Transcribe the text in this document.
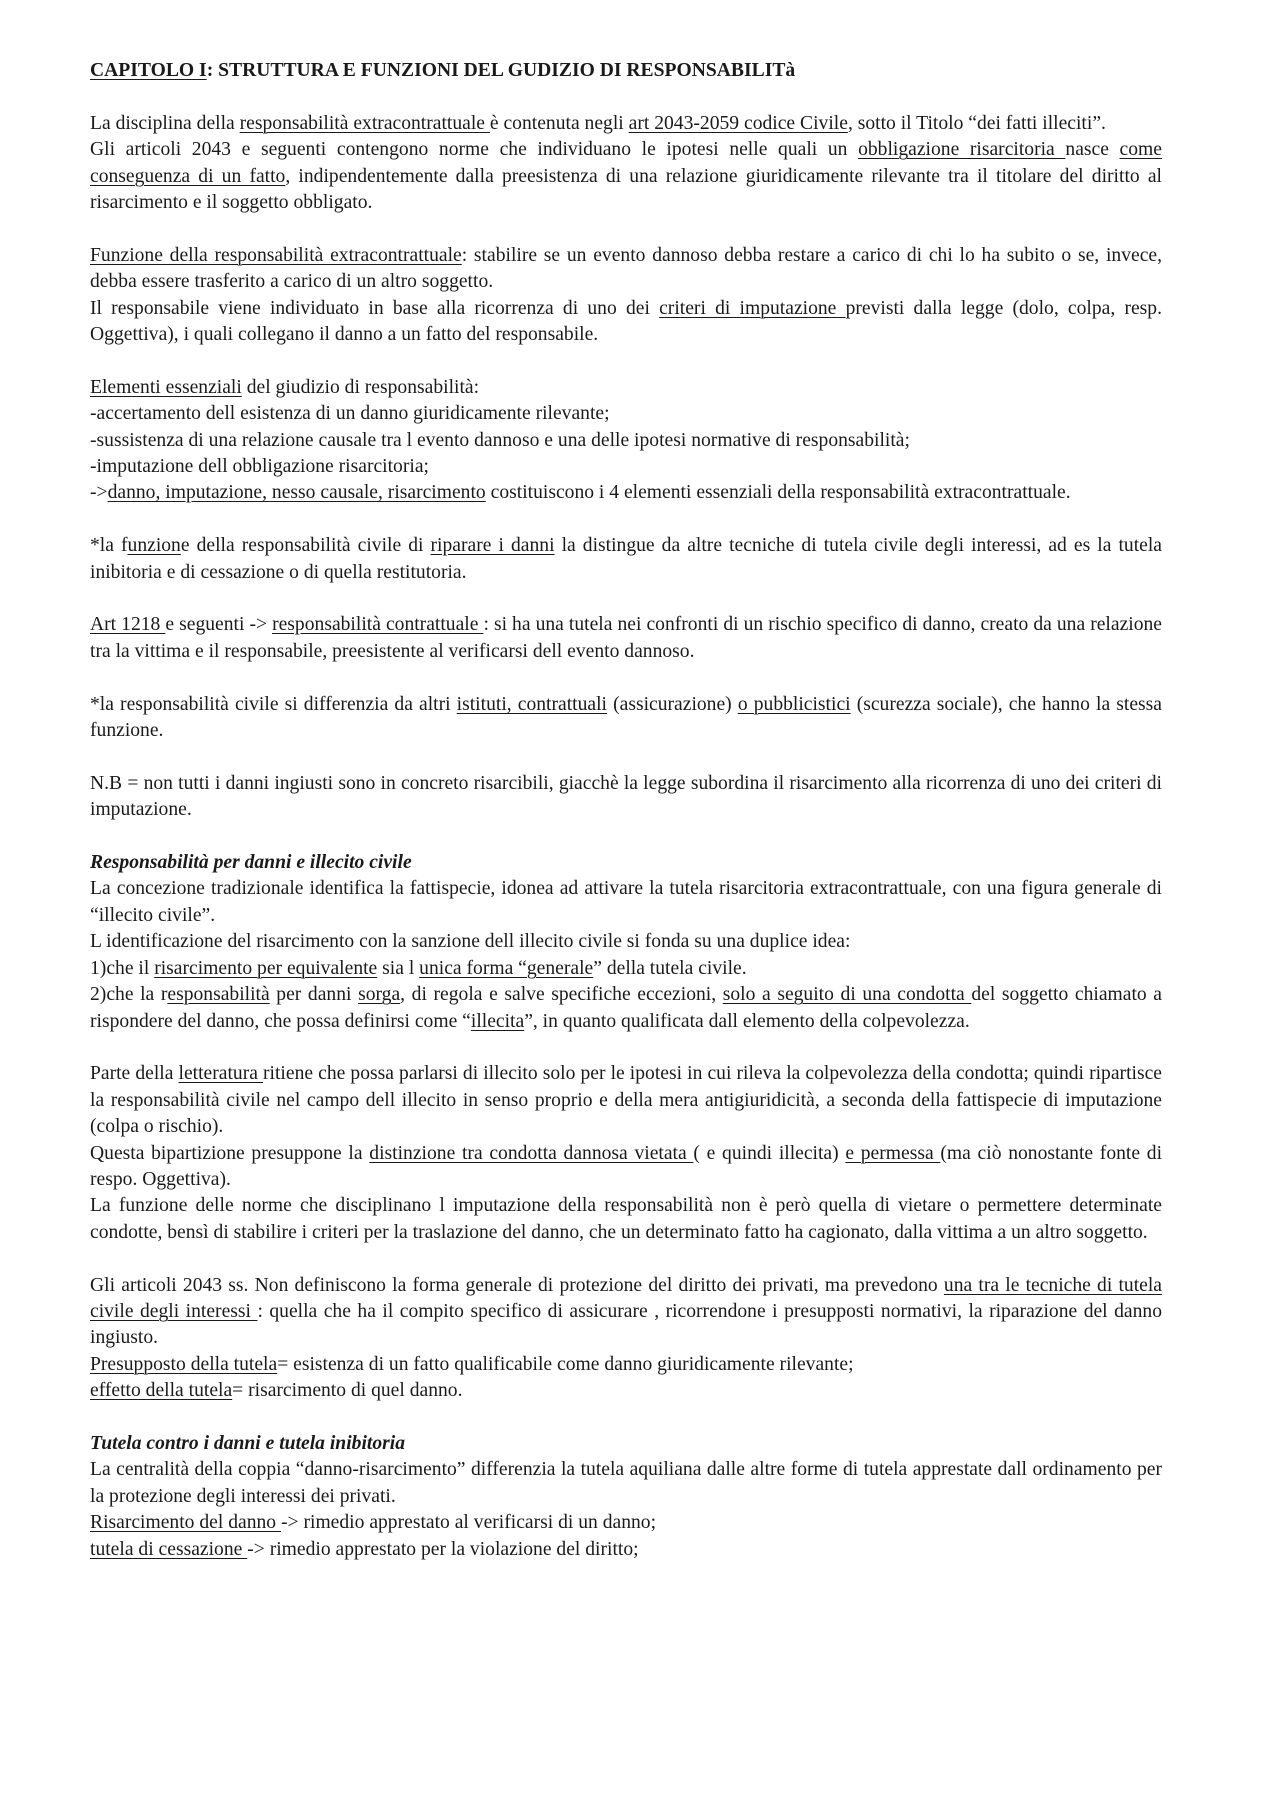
CAPITOLO I: STRUTTURA E FUNZIONI DEL GUDIZIO DI RESPONSABILITà
La disciplina della responsabilità extracontrattuale è contenuta negli art 2043-2059 codice Civile, sotto il Titolo “dei fatti illeciti”.
Gli articoli 2043 e seguenti contengono norme che individuano le ipotesi nelle quali un obbligazione risarcitoria nasce come conseguenza di un fatto, indipendentemente dalla preesistenza di una relazione giuridicamente rilevante tra il titolare del diritto al risarcimento e il soggetto obbligato.
Funzione della responsabilità extracontrattuale: stabilire se un evento dannoso debba restare a carico di chi lo ha subito o se, invece, debba essere trasferito a carico di un altro soggetto.
Il responsabile viene individuato in base alla ricorrenza di uno dei criteri di imputazione previsti dalla legge (dolo, colpa, resp. Oggettiva), i quali collegano il danno a un fatto del responsabile.
Elementi essenziali del giudizio di responsabilità:
-accertamento dell esistenza di un danno giuridicamente rilevante;
-sussistenza di una relazione causale tra l evento dannoso e una delle ipotesi normative di responsabilità;
-imputazione dell obbligazione risarcitoria;
->danno, imputazione, nesso causale, risarcimento costituiscono i 4 elementi essenziali della responsabilità extracontrattuale.
*la funzione della responsabilità civile di riparare i danni la distingue da altre tecniche di tutela civile degli interessi, ad es la tutela inibitoria e di cessazione o di quella restitutoria.
Art 1218 e seguenti -> responsabilità contrattuale : si ha una tutela nei confronti di un rischio specifico di danno, creato da una relazione tra la vittima e il responsabile, preesistente al verificarsi dell evento dannoso.
*la responsabilità civile si differenzia da altri istituti, contrattuali (assicurazione) o pubblicistici (scurezza sociale), che hanno la stessa funzione.
N.B = non tutti i danni ingiusti sono in concreto risarcibili, giacchè la legge subordina il risarcimento alla ricorrenza di uno dei criteri di imputazione.
Responsabilità per danni e illecito civile
La concezione tradizionale identifica la fattispecie, idonea ad attivare la tutela risarcitoria extracontrattuale, con una figura generale di “illecito civile”.
L identificazione del risarcimento con la sanzione dell illecito civile si fonda su una duplice idea:
1)che il risarcimento per equivalente sia l unica forma “generale” della tutela civile.
2)che la responsabilità per danni sorga, di regola e salve specifiche eccezioni, solo a seguito di una condotta del soggetto chiamato a rispondere del danno, che possa definirsi come “illecita”, in quanto qualificata dall elemento della colpevolezza.
Parte della letteratura ritiene che possa parlarsi di illecito solo per le ipotesi in cui rileva la colpevolezza della condotta; quindi ripartisce la responsabilità civile nel campo dell illecito in senso proprio e della mera antigiuridicità, a seconda della fattispecie di imputazione (colpa o rischio).
Questa bipartizione presuppone la distinzione tra condotta dannosa vietata ( e quindi illecita) e permessa (ma ciò nonostante fonte di respo. Oggettiva).
La funzione delle norme che disciplinano l imputazione della responsabilità non è però quella di vietare o permettere determinate condotte, bensì di stabilire i criteri per la traslazione del danno, che un determinato fatto ha cagionato, dalla vittima a un altro soggetto.
Gli articoli 2043 ss. Non definiscono la forma generale di protezione del diritto dei privati, ma prevedono una tra le tecniche di tutela civile degli interessi : quella che ha il compito specifico di assicurare , ricorrendone i presupposti normativi, la riparazione del danno ingiusto.
Presupposto della tutela= esistenza di un fatto qualificabile come danno giuridicamente rilevante;
effetto della tutela= risarcimento di quel danno.
Tutela contro i danni e tutela inibitoria
La centralità della coppia “danno-risarcimento” differenzia la tutela aquiliana dalle altre forme di tutela apprestate dall ordinamento per la protezione degli interessi dei privati.
Risarcimento del danno -> rimedio apprestato al verificarsi di un danno;
tutela di cessazione -> rimedio apprestato per la violazione del diritto;
